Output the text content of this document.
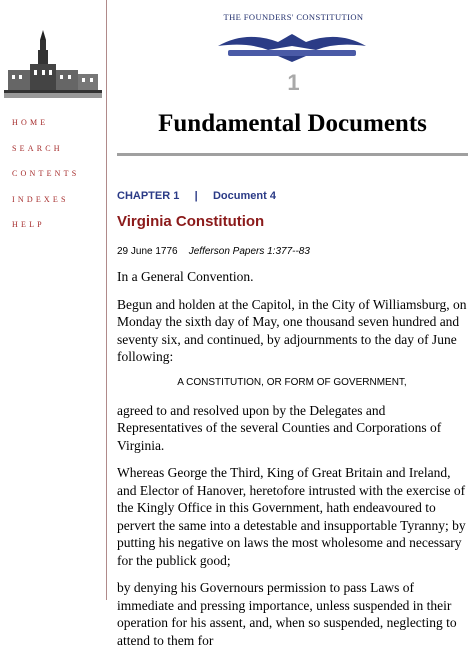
HOME
SEARCH
CONTENTS
INDEXES
HELP
THE FOUNDERS' CONSTITUTION
1
Fundamental Documents
CHAPTER 1 | Document 4
Virginia Constitution
29 June 1776 Jefferson Papers 1:377--83

In a General Convention.

Begun and holden at the Capitol, in the City of Williamsburg, on Monday the sixth day of May, one thousand seven hundred and seventy six, and continued, by adjournments to the day of June following:

A CONSTITUTION, OR FORM OF GOVERNMENT,

agreed to and resolved upon by the Delegates and Representatives of the several Counties and Corporations of Virginia.

Whereas George the Third, King of Great Britain and Ireland, and Elector of Hanover, heretofore intrusted with the exercise of the Kingly Office in this Government, hath endeavoured to pervert the same into a detestable and insupportable Tyranny; by putting his negative on laws the most wholesome and necessary for the publick good;

by denying his Governours permission to pass Laws of immediate and pressing importance, unless suspended in their operation for his assent, and, when so suspended, neglecting to attend to them for
